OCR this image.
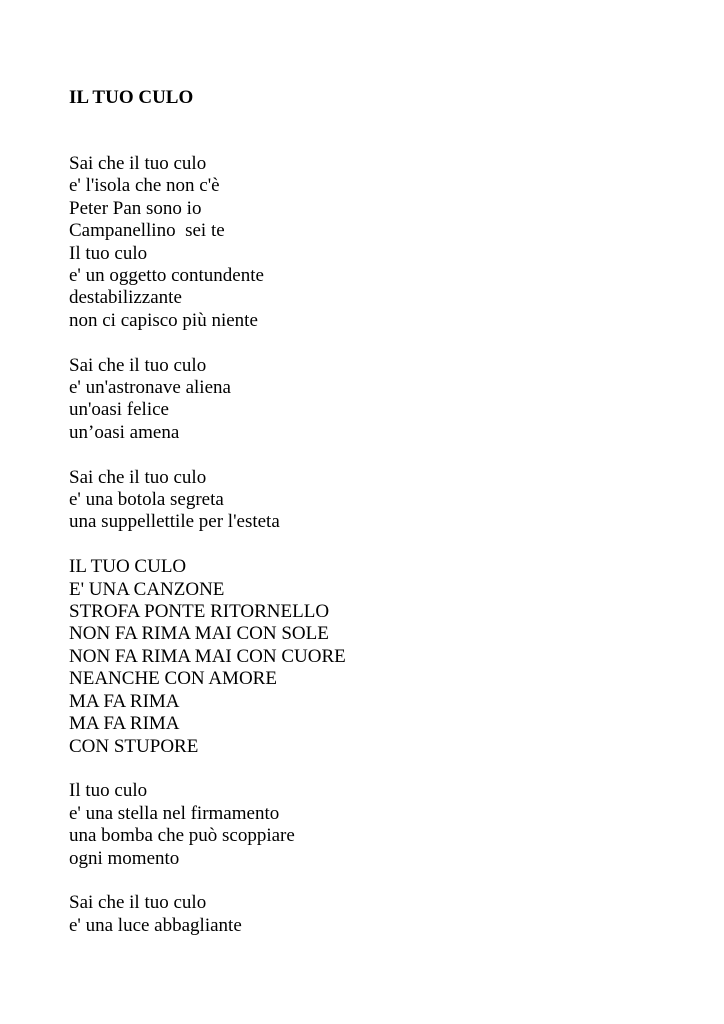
IL TUO CULO
Sai che il tuo culo
e' l'isola che non c'è
Peter Pan sono io
Campanellino  sei te
Il tuo culo
e' un oggetto contundente
destabilizzante
non ci capisco più niente
Sai che il tuo culo
e' un'astronave aliena
un'oasi felice
un’oasi amena
Sai che il tuo culo
e' una botola segreta
una suppellettile per l'esteta
IL TUO CULO
E' UNA CANZONE
STROFA PONTE RITORNELLO
NON FA RIMA MAI CON SOLE
NON FA RIMA MAI CON CUORE
NEANCHE CON AMORE
MA FA RIMA
MA FA RIMA
CON STUPORE
Il tuo culo
e' una stella nel firmamento
una bomba che può scoppiare
ogni momento
Sai che il tuo culo
e' una luce abbagliante
